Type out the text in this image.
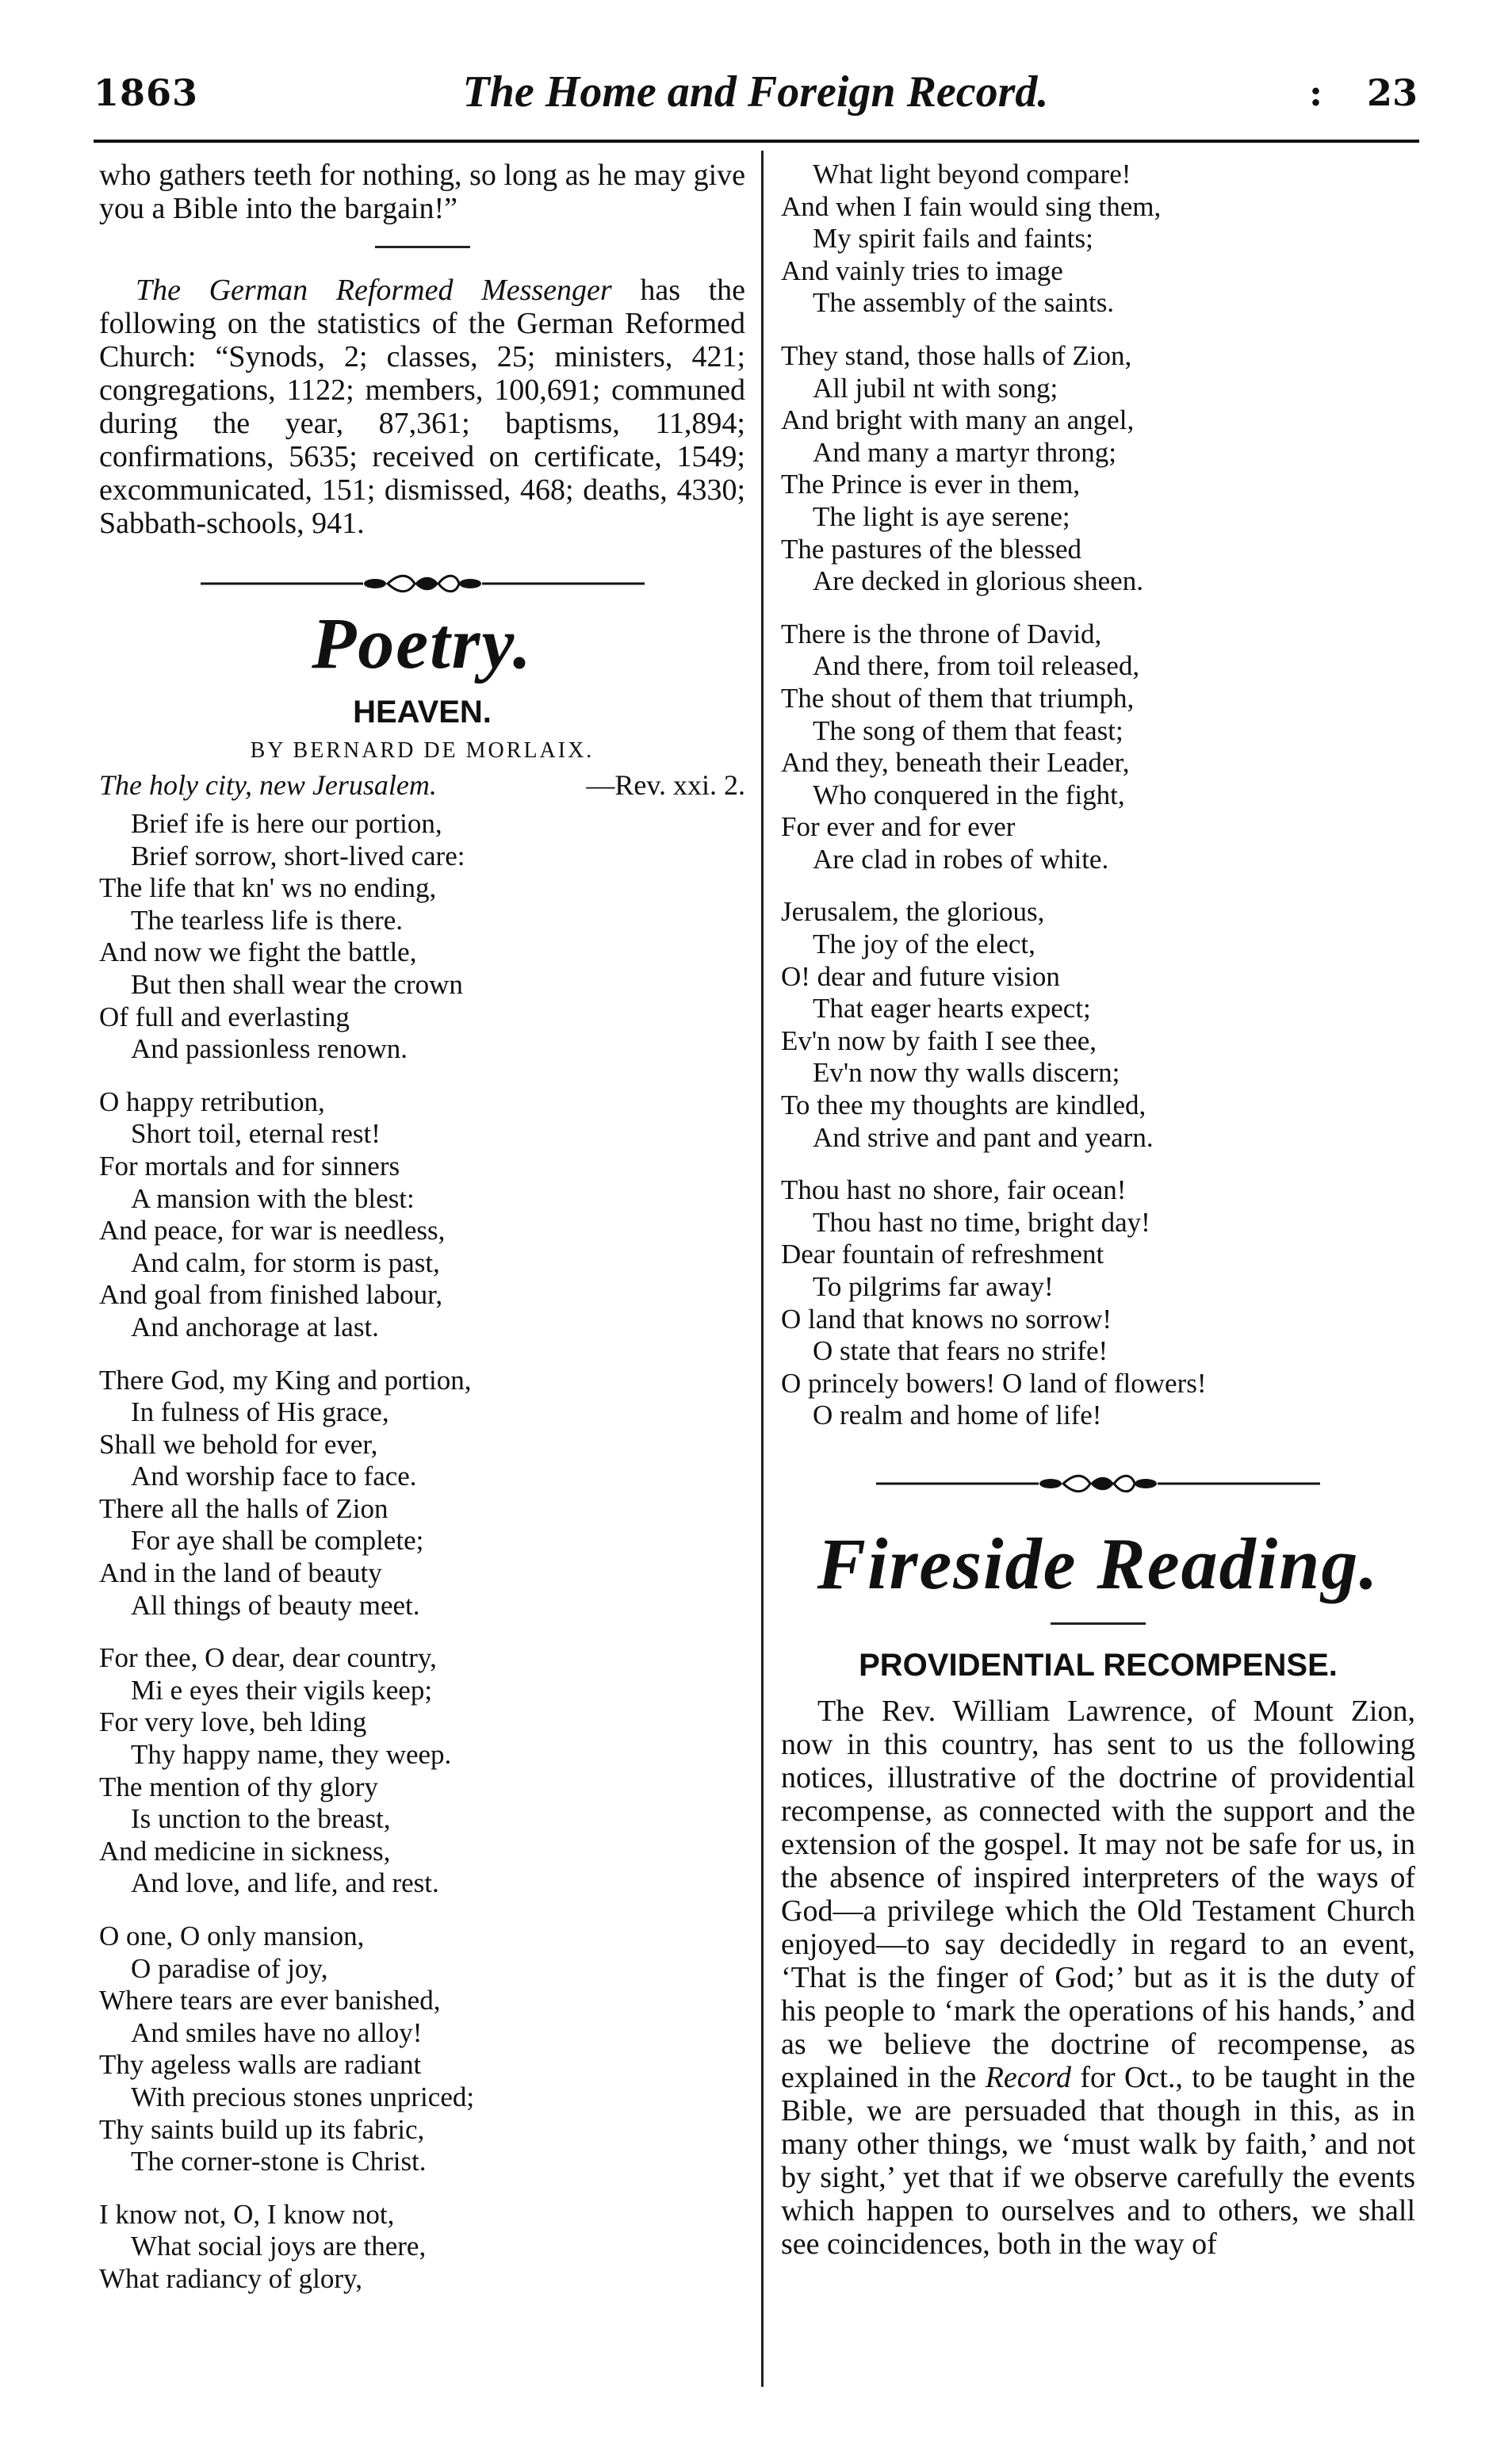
1863	The Home and Foreign Record.	: 23

who gathers teeth for nothing, so long as he may give you a Bible into the bargain!”

The German Reformed Messenger has the following on the statistics of the German Reformed Church: “Synods, 2; classes, 25; ministers, 421; congregations, 1122; members, 100,691; communed during the year, 87,361; baptisms, 11,894; confirmations, 5635; received on certificate, 1549; excommunicated, 151; dismissed, 468; deaths, 4330; Sabbath-schools, 941.

Poetry.
HEAVEN.
BY BERNARD DE MORLAIX.
The holy city, new Jerusalem.	—Rev. xxi. 2.
Brief ife is here our portion,
Brief sorrow, short-lived care:
The life that kn' ws no ending,
The tearless life is there.
And now we fight the battle,
But then shall wear the crown
Of full and everlasting
And passionless renown.
O happy retribution,
Short toil, eternal rest!
For mortals and for sinners
A mansion with the blest:
And peace, for war is needless,
And calm, for storm is past,
And goal from finished labour,
And anchorage at last.
There God, my King and portion,
In fulness of His grace,
Shall we behold for ever,
And worship face to face.
There all the halls of Zion
For aye shall be complete;
And in the land of beauty
All things of beauty meet.
For thee, O dear, dear country,
Mi e eyes their vigils keep;
For very love, beh lding
Thy happy name, they weep.
The mention of thy glory
Is unction to the breast,
And medicine in sickness,
And love, and life, and rest.
O one, O only mansion,
O paradise of joy,
Where tears are ever banished,
And smiles have no alloy!
Thy ageless walls are radiant
With precious stones unpriced;
Thy saints build up its fabric,
The corner-stone is Christ.
I know not, O, I know not,
What social joys are there,
What radiancy of glory,
What light beyond compare!
And when I fain would sing them,
My spirit fails and faints;
And vainly tries to image
The assembly of the saints.
They stand, those halls of Zion,
All jubil nt with song;
And bright with many an angel,
And many a martyr throng;
The Prince is ever in them,
The light is aye serene;
The pastures of the blessed
Are decked in glorious sheen.
There is the throne of David,
And there, from toil released,
The shout of them that triumph,
The song of them that feast;
And they, beneath their Leader,
Who conquered in the fight,
For ever and for ever
Are clad in robes of white.
Jerusalem, the glorious,
The joy of the elect,
O! dear and future vision
That eager hearts expect;
Ev'n now by faith I see thee,
Ev'n now thy walls discern;
To thee my thoughts are kindled,
And strive and pant and yearn.
Thou hast no shore, fair ocean!
Thou hast no time, bright day!
Dear fountain of refreshment
To pilgrims far away!
O land that knows no sorrow!
O state that fears no strife!
O princely bowers! O land of flowers!
O realm and home of life!
Fireside Reading.
PROVIDENTIAL RECOMPENSE.

The Rev. William Lawrence, of Mount Zion, now in this country, has sent to us the following notices, illustrative of the doctrine of providential recompense, as connected with the support and the extension of the gospel. It may not be safe for us, in the absence of inspired interpreters of the ways of God—a privilege which the Old Testament Church enjoyed—to say decidedly in regard to an event, ‘That is the finger of God;’ but as it is the duty of his people to ‘mark the operations of his hands,’ and as we believe the doctrine of recompense, as explained in the Record for Oct., to be taught in the Bible, we are persuaded that though in this, as in many other things, we ‘must walk by faith,’ and not by sight,’ yet that if we observe carefully the events which happen to ourselves and to others, we shall see coincidences, both in the way of
